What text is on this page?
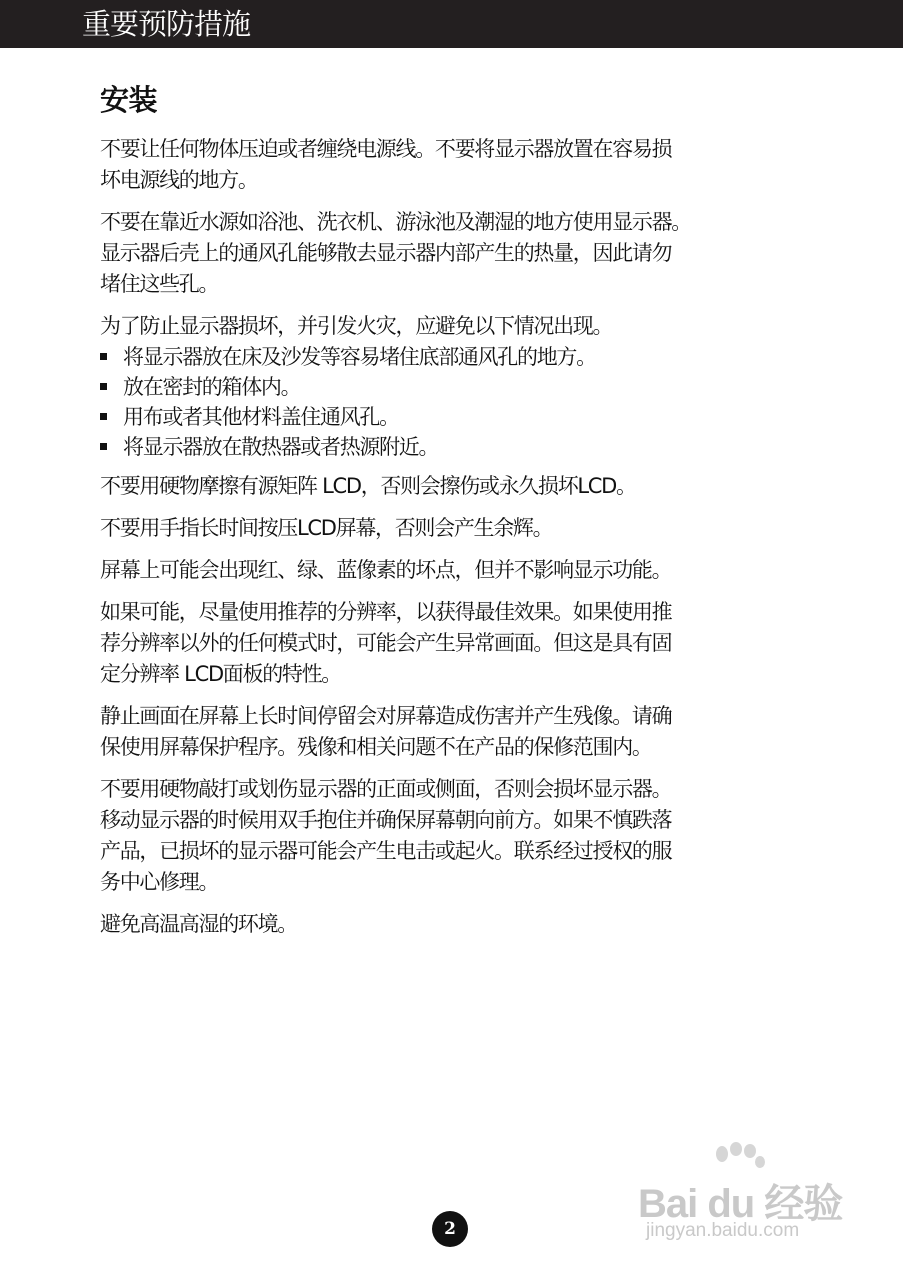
重要预防措施
安装

不要让任何物体压迫或者缠绕电源线。不要将显示器放置在容易损
坏电源线的地方。

不要在靠近水源如浴池、洗衣机、游泳池及潮湿的地方使用显示器。
显示器后壳上的通风孔能够散去显示器内部产生的热量，因此请勿
堵住这些孔。

为了防止显示器损坏，并引发火灾，应避免以下情况出现。

将显示器放在床及沙发等容易堵住底部通风孔的地方。
放在密封的箱体内。
用布或者其他材料盖住通风孔。
将显示器放在散热器或者热源附近。

不要用硬物摩擦有源矩阵 LCD，否则会擦伤或永久损坏LCD。

不要用手指长时间按压LCD屏幕，否则会产生余辉。

屏幕上可能会出现红、绿、蓝像素的坏点，但并不影响显示功能。

如果可能，尽量使用推荐的分辨率，以获得最佳效果。如果使用推
荐分辨率以外的任何模式时，可能会产生异常画面。但这是具有固
定分辨率 LCD面板的特性。

静止画面在屏幕上长时间停留会对屏幕造成伤害并产生残像。请确
保使用屏幕保护程序。残像和相关问题不在产品的保修范围内。

不要用硬物敲打或划伤显示器的正面或侧面，否则会损坏显示器。
移动显示器的时候用双手抱住并确保屏幕朝向前方。如果不慎跌落
产品，已损坏的显示器可能会产生电击或起火。联系经过授权的服
务中心修理。

避免高温高湿的环境。

Bai du 经验
jingyan.baidu.com
2
